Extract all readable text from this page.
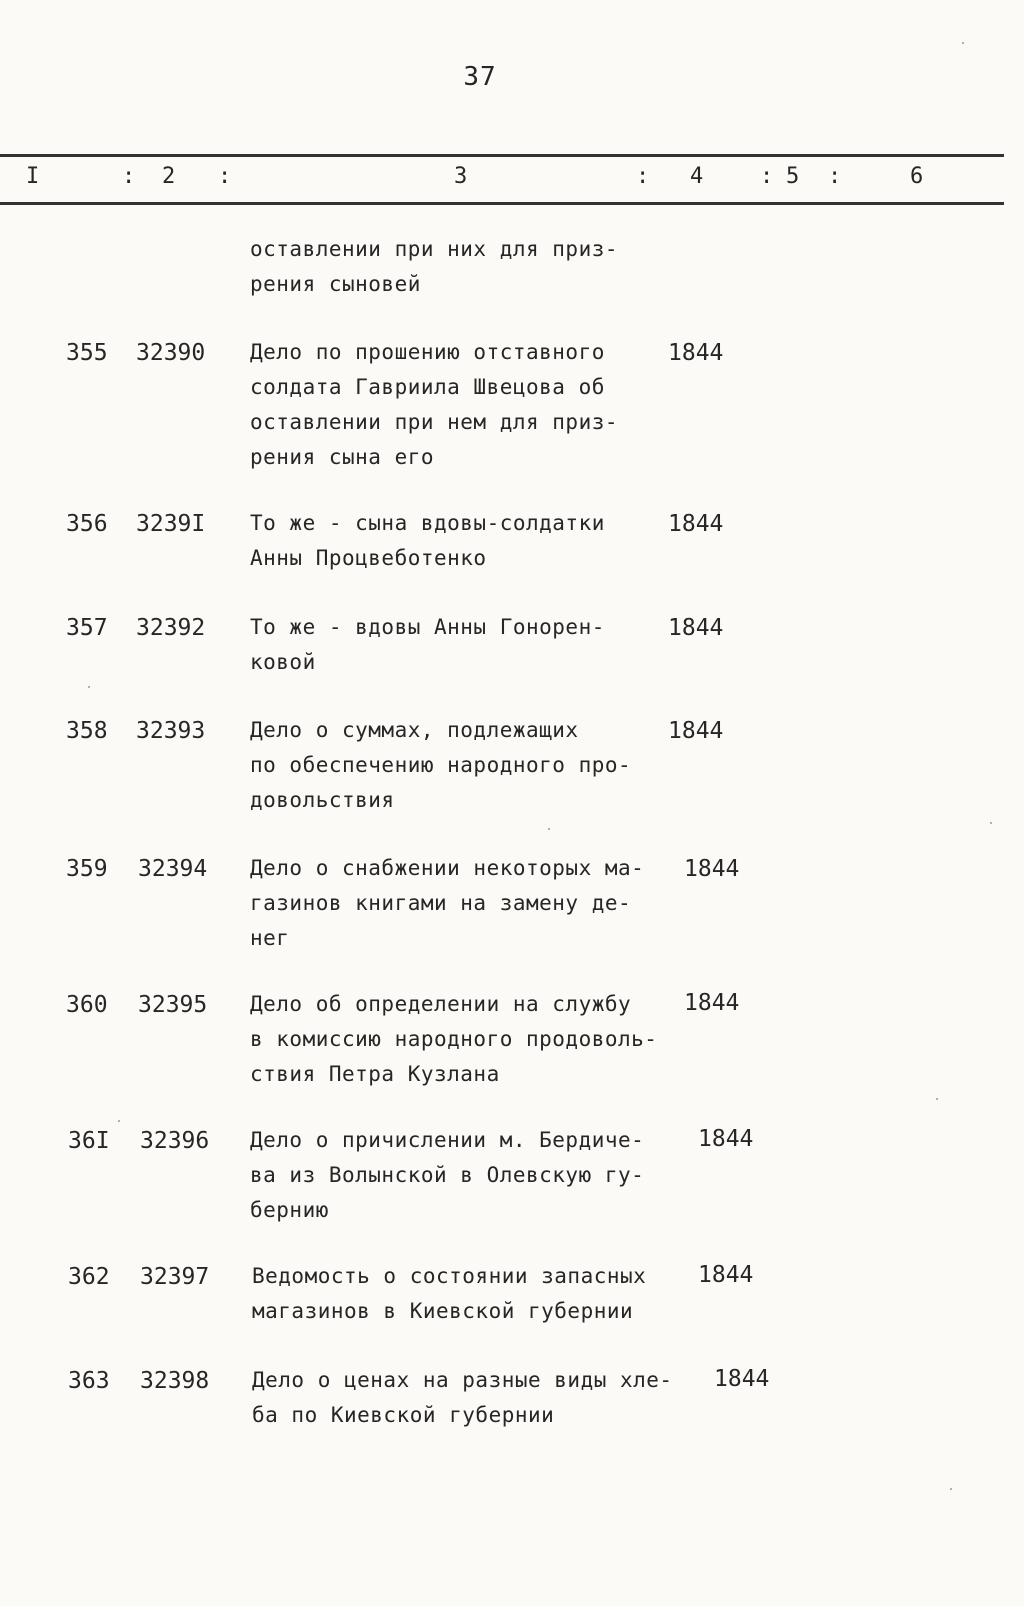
37
I	: 2 :	3	: 4	: 5 :	6
оставлении при них для приз-
рения сыновей
355 32390 Дело по прошению отставного
солдата Гавриила Швецова об
оставлении при нем для приз-
рения сына его
1844
356 3239I То же - сына вдовы-солдатки
Анны Процвеботенко
1844
357 32392 То же - вдовы Анны Гонорен-
ковой
1844
358 32393 Дело о суммах, подлежащих
по обеспечению народного про-
довольствия
1844
359 32394 Дело о снабжении некоторых ма-
газинов книгами на замену де-
нег
1844
360 32395 Дело об определении на службу
в комиссию народного продоволь-
ствия Петра Кузлана
1844
36I 32396 Дело о причислении м. Бердиче-
ва из Волынской в Олевскую гу-
бернию
1844
362 32397 Ведомость о состоянии запасных
магазинов в Киевской губернии
1844
363 32398 Дело о ценах на разные виды хле-
ба по Киевской губернии
1844
